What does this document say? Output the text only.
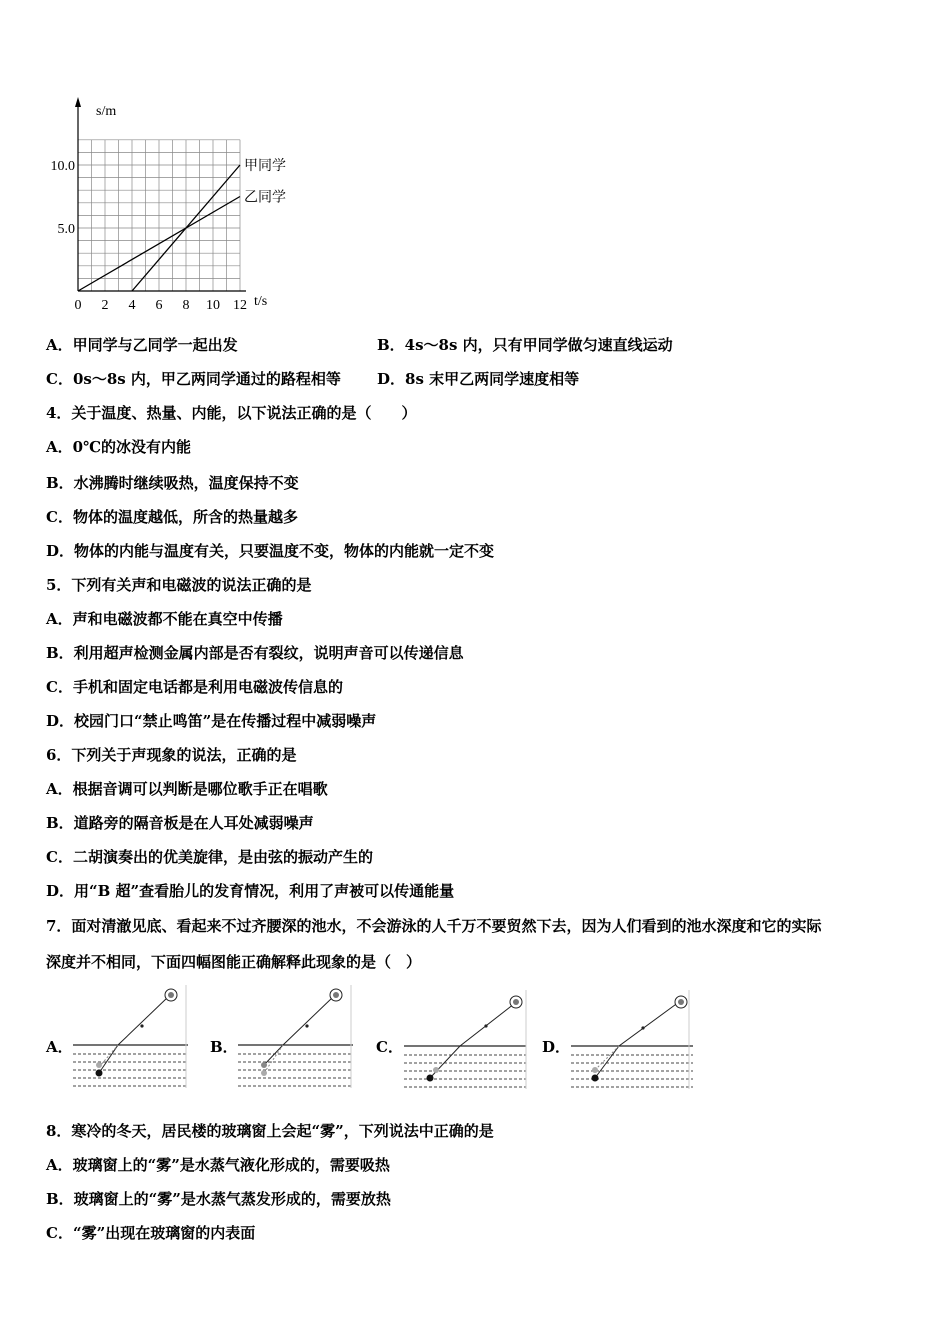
s/m
t/s
0 2 4 6 8 10 12
5.0
10.0	甲同学
乙同学
A．甲同学与乙同学一起出发	B．4s～8s 内，只有甲同学做匀速直线运动
C．0s～8s 内，甲乙两同学通过的路程相等 D．8s 末甲乙两同学速度相等
4．关于温度、热量、内能，以下说法正确的是（　　）
A．0℃的冰没有内能
B．水沸腾时继续吸热，温度保持不变
C．物体的温度越低，所含的热量越多
D．物体的内能与温度有关，只要温度不变，物体的内能就一定不变
5．下列有关声和电磁波的说法正确的是
A．声和电磁波都不能在真空中传播
B．利用超声检测金属内部是否有裂纹，说明声音可以传递信息
C．手机和固定电话都是利用电磁波传信息的
D．校园门口“禁止鸣笛”是在传播过程中减弱噪声
6．下列关于声现象的说法，正确的是
A．根据音调可以判断是哪位歌手正在唱歌
B．道路旁的隔音板是在人耳处减弱噪声
C．二胡演奏出的优美旋律，是由弦的振动产生的
D．用“B 超”查看胎儿的发育情况，利用了声被可以传通能量
7．面对清澈见底、看起来不过齐腰深的池水，不会游泳的人千万不要贸然下去，因为人们看到的池水深度和它的实际
深度并不相同，下面四幅图能正确解释此现象的是（　）
A．	B．	C．	D．
8．寒冷的冬天，居民楼的玻璃窗上会起“雾”，下列说法中正确的是
A．玻璃窗上的“雾”是水蒸气液化形成的，需要吸热
B．玻璃窗上的“雾”是水蒸气蒸发形成的，需要放热
C．“雾”出现在玻璃窗的内表面
